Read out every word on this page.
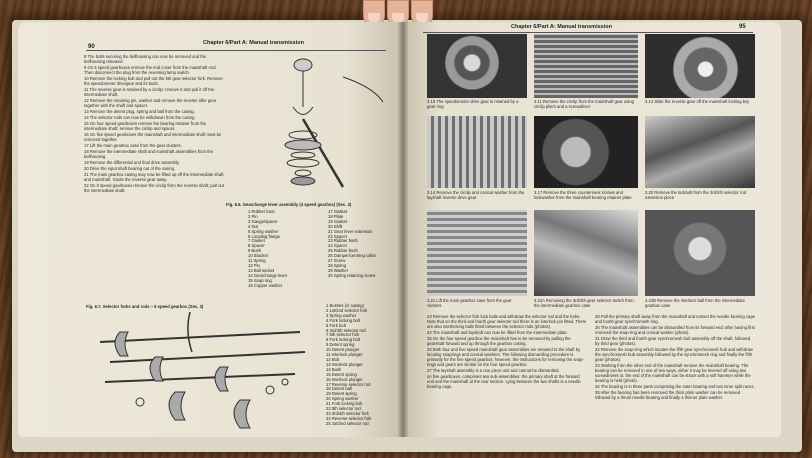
90
Chapter 6/Part A: Manual transmission

8 The bolts securing the bellhousing can now be removed and the bellhousing released.

9 On 5 speed gearboxes remove the end cover from the mainshaft end. Then disconnect the plug from the reversing lamp switch.

10 Remove the locking bolt and pull out the 5th gear selector fork. Remove the speedometer drivegear and its bush.

11 The reverse gear is retained by a circlip; remove it and pull it off the intermediate shaft.

12 Remove the retaining pin, washer and remove the reverse idler gear together with the shaft and spacer.

13 Remove the detent plug, spring and ball from the casing.

14 The selector rods can now be withdrawn from the casing.

15 On four speed gearboxes remove the bearing retainer from the intermediate shaft; remove the circlip and spacer.

16 On five speed gearboxes the mainshaft and intermediate shaft must be removed together.

17 Lift the main gearbox case from the gear clusters.

18 Remove the intermediate shaft and mainshaft assemblies from the bellhousing.

19 Remove the differential and final drive assembly.

20 Drive the input shaft bearing out of the casing.

21 The main gearbox casing may now be lifted up off the intermediate shaft and mainshaft. Guide the reverse gear away.

22 On 5 speed gearboxes remove the circlip from the reverse shaft; pull out the intermediate shaft.

Fig. 6.6. Gearchange lever assembly (4 speed gearbox) (Sec. 3)
1 Rubber boot
2 Pin
3 Gauge/spacer
4 Nut
5 Spring washer
6 Locating flange
7 Gasket
8 Spacer
9 Bush
10 Bracket
11 Spring
12 Pin
13 Ball socket
14 Gearchange lever
15 Snap ring
16 Copper washer
17 Gasket
18 Plate
19 Gasket
20 Shift
21 Gear lever extension
22 Spacer
23 Rubber bush
24 Spacer
25 Rubber bush
26 Damper/centring collar
27 Screw
28 Spring
29 Washer
30 Spring retaining screw
Fig. 6.7. Selector forks and rods – 5 speed gearbox (Sec. 3)	1 Bushes (in casing)
2 1st/2nd selector fork
3 Spring washer
4 Fork locking bolt
5 Fork bolt
6 3rd/4th selector rod
7 5th selector fork
8 Fork locking bolt
9 Detent spring
10 Detent plunger
11 Interlock plunger
12 Bolt
13 Interlock plunger
14 Bush
15 Detent spring
16 Interlock plunger
17 Reverse selector rod
18 Detent ball
19 Detent spring
20 Spring washer
21 Fork locking bolt
22 5th selector rod
23 3rd/4th selector fork
24 Reverse selector fork
25 1st/2nd selector rod
Chapter 6/Part A: Manual transmission	95
3.10 The speedometer drive gear is retained by a gear ring
3.11 Remove the circlip from the mainshaft gear using circlip pliers and a screwdriver
3.12 Slide the reverse gear off the mainshaft locking key
3.14 Remove the circlip and conical washer from the layshaft reverse drive gear
3.17 Remove the three countersunk screws and lockwasher from the mainshaft bearing retainer plate
3.20 Remove the lockbolt from the 3rd/4th selector rod extension piece
3.21 Lift the main gearbox case from the gear clusters
3.22A Removing the 3rd/4th gear selector switch from the intermediate gearbox case
3.22B Remove the interlock ball from the intermediate gearbox case

23 Remove the selector fork lock bolts and withdraw the selector rod and the forks. Note that on the third and fourth gear selector rod there is an interlock pin fitted. There are also interlocking balls fitted between the selector rods (photos).

24 The mainshaft and layshaft can now be lifted from the intermediate plate.

25 On the four speed gearbox the mainshaft has to be removed by pulling the gearshaft forward and up through the gearbox casing.

26 Both four and five speed mainshaft gear assemblies are retained to the shaft by locating snaprings and conical washers. The following dismantling procedure is primarily for the five speed gearbox; however, the instructions for removing the snap-rings and gears are similar on the four speed gearbox.

27 The layshaft assembly is a one piece unit and cannot be dismantled.

on five gearboxes, comprises two sub-assemblies: the primary shaft at the forward end and the mainshaft at the rear section. Lying between the two shafts is a needle bearing cage.

28 Pull the primary shaft away from the mainshaft and extract the needle bearing cage and fourth gear synchromesh ring.

30 The mainshaft assemblies can be dismantled from its forward end; after having first removed the snap-ring and conical washer (photo).

31 Draw the third and fourth gear synchromesh hub assembly off the shaft, followed by third gear (photos).

32 Remove the snap-ring which locates the fifth gear synchromesh hub and withdraw the synchromesh hub assembly followed by the synchromesh ring and finally the fifth gear (photos).

33 Working from the other end of the mainshaft remove the mainshaft bearing. The bearing can be removed in one of two ways, either it may be levered off using two screwdrivers or, the end of the mainshaft can be struck with a soft hammer while the bearing is held (photo).

34 The bearing is in three parts comprising the outer bearing and two inner split races.

35 After the bearing has been removed the thick plain washer can be removed followed by a thrust needle bearing and finally a thinner plain washer.
